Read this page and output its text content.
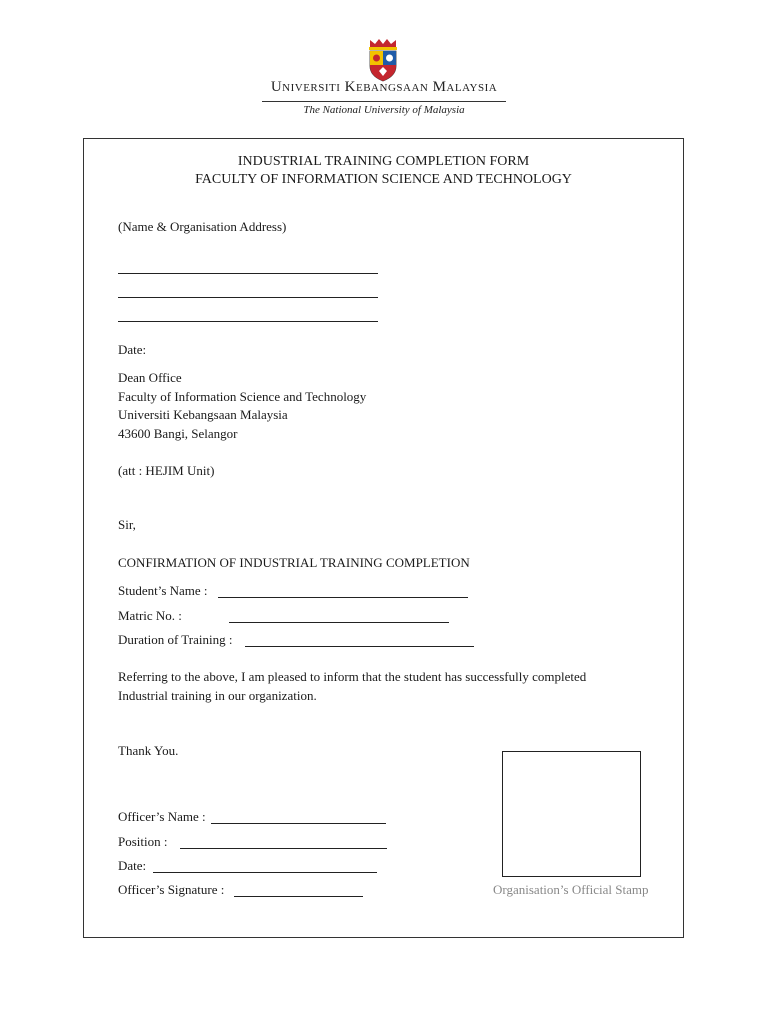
Universiti Kebangsaan Malaysia
The National University of Malaysia
INDUSTRIAL TRAINING COMPLETION FORM
FACULTY OF INFORMATION SCIENCE AND TECHNOLOGY
(Name & Organisation Address)
Date:
Dean Office
Faculty of Information Science and Technology
Universiti Kebangsaan Malaysia
43600 Bangi, Selangor
(att : HEJIM Unit)
Sir,
CONFIRMATION OF INDUSTRIAL TRAINING COMPLETION
Student’s Name :
Matric No. :
Duration of Training :
Referring to the above, I am pleased to inform that the student has successfully completed
Industrial training in our organization.
Thank You.
Officer’s Name :
Position :
Date:
Officer’s Signature :	Organisation’s Official Stamp
